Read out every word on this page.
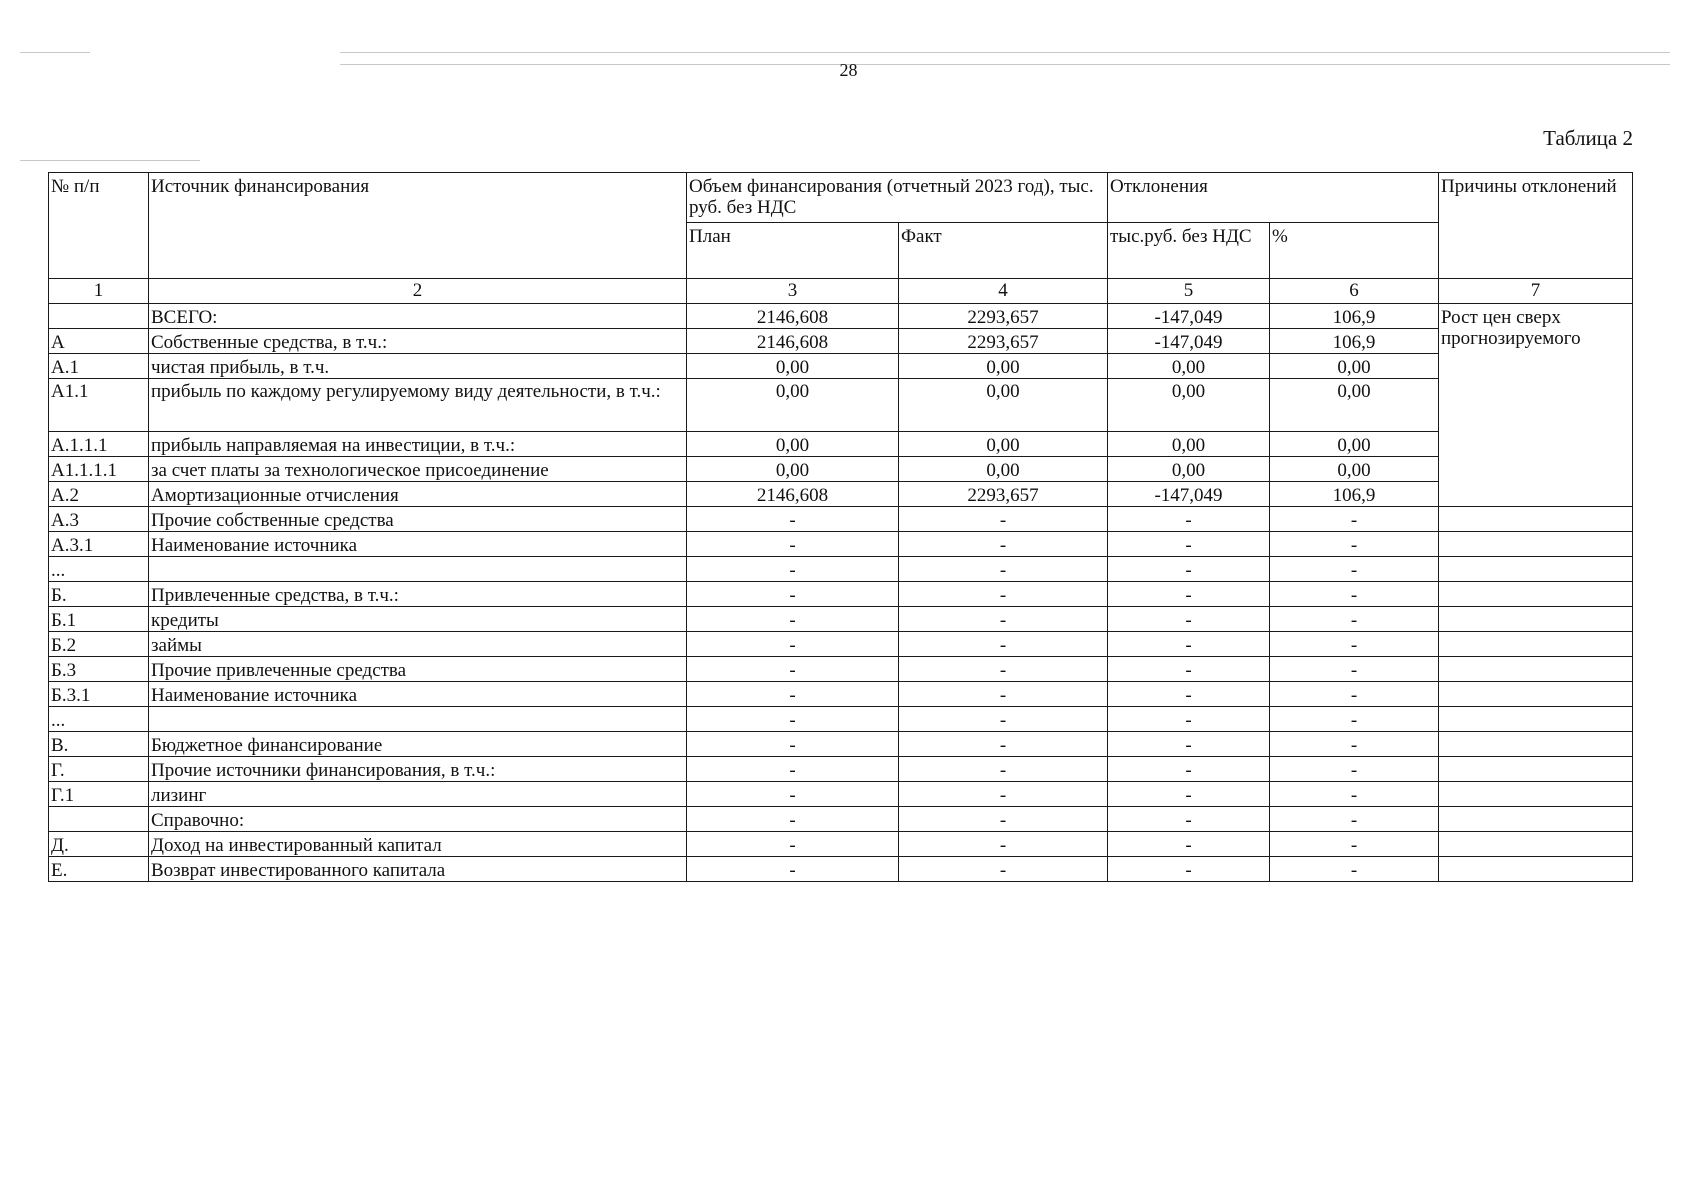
28
Таблица 2
№ п/п	Источник финансирования	Объем финансирования (отчетный 2023 год), тыс. руб. без НДС		Отклонения		Причины отклонений
		План	Факт	тыс.руб. без НДС	%	
1	2	3	4	5	6	7
	ВСЕГО:	2146,608	2293,657	-147,049	106,9	Рост цен сверх прогнозируемого
А	Собственные средства, в т.ч.:	2146,608	2293,657	-147,049	106,9	
А.1	чистая прибыль, в т.ч.	0,00	0,00	0,00	0,00	
А1.1	прибыль по каждому регулируемому виду деятельности, в т.ч.:	0,00	0,00	0,00	0,00	
А.1.1.1	прибыль направляемая на инвестиции, в т.ч.:	0,00	0,00	0,00	0,00	
А1.1.1.1	за счет платы за технологическое присоединение	0,00	0,00	0,00	0,00	
А.2	Амортизационные отчисления	2146,608	2293,657	-147,049	106,9	
А.3	Прочие собственные средства	-	-	-	-	
А.3.1	Наименование источника	-	-	-	-	
...		-	-	-	-	
Б.	Привлеченные средства, в т.ч.:	-	-	-	-	
Б.1	кредиты	-	-	-	-	
Б.2	займы	-	-	-	-	
Б.3	Прочие привлеченные средства	-	-	-	-	
Б.3.1	Наименование источника	-	-	-	-	
...		-	-	-	-	
В.	Бюджетное финансирование	-	-	-	-	
Г.	Прочие источники финансирования, в т.ч.:	-	-	-	-	
Г.1	лизинг	-	-	-	-	
	Справочно:	-	-	-	-	
Д.	Доход на инвестированный капитал	-	-	-	-	
Е.	Возврат инвестированного капитала	-	-	-	-	
